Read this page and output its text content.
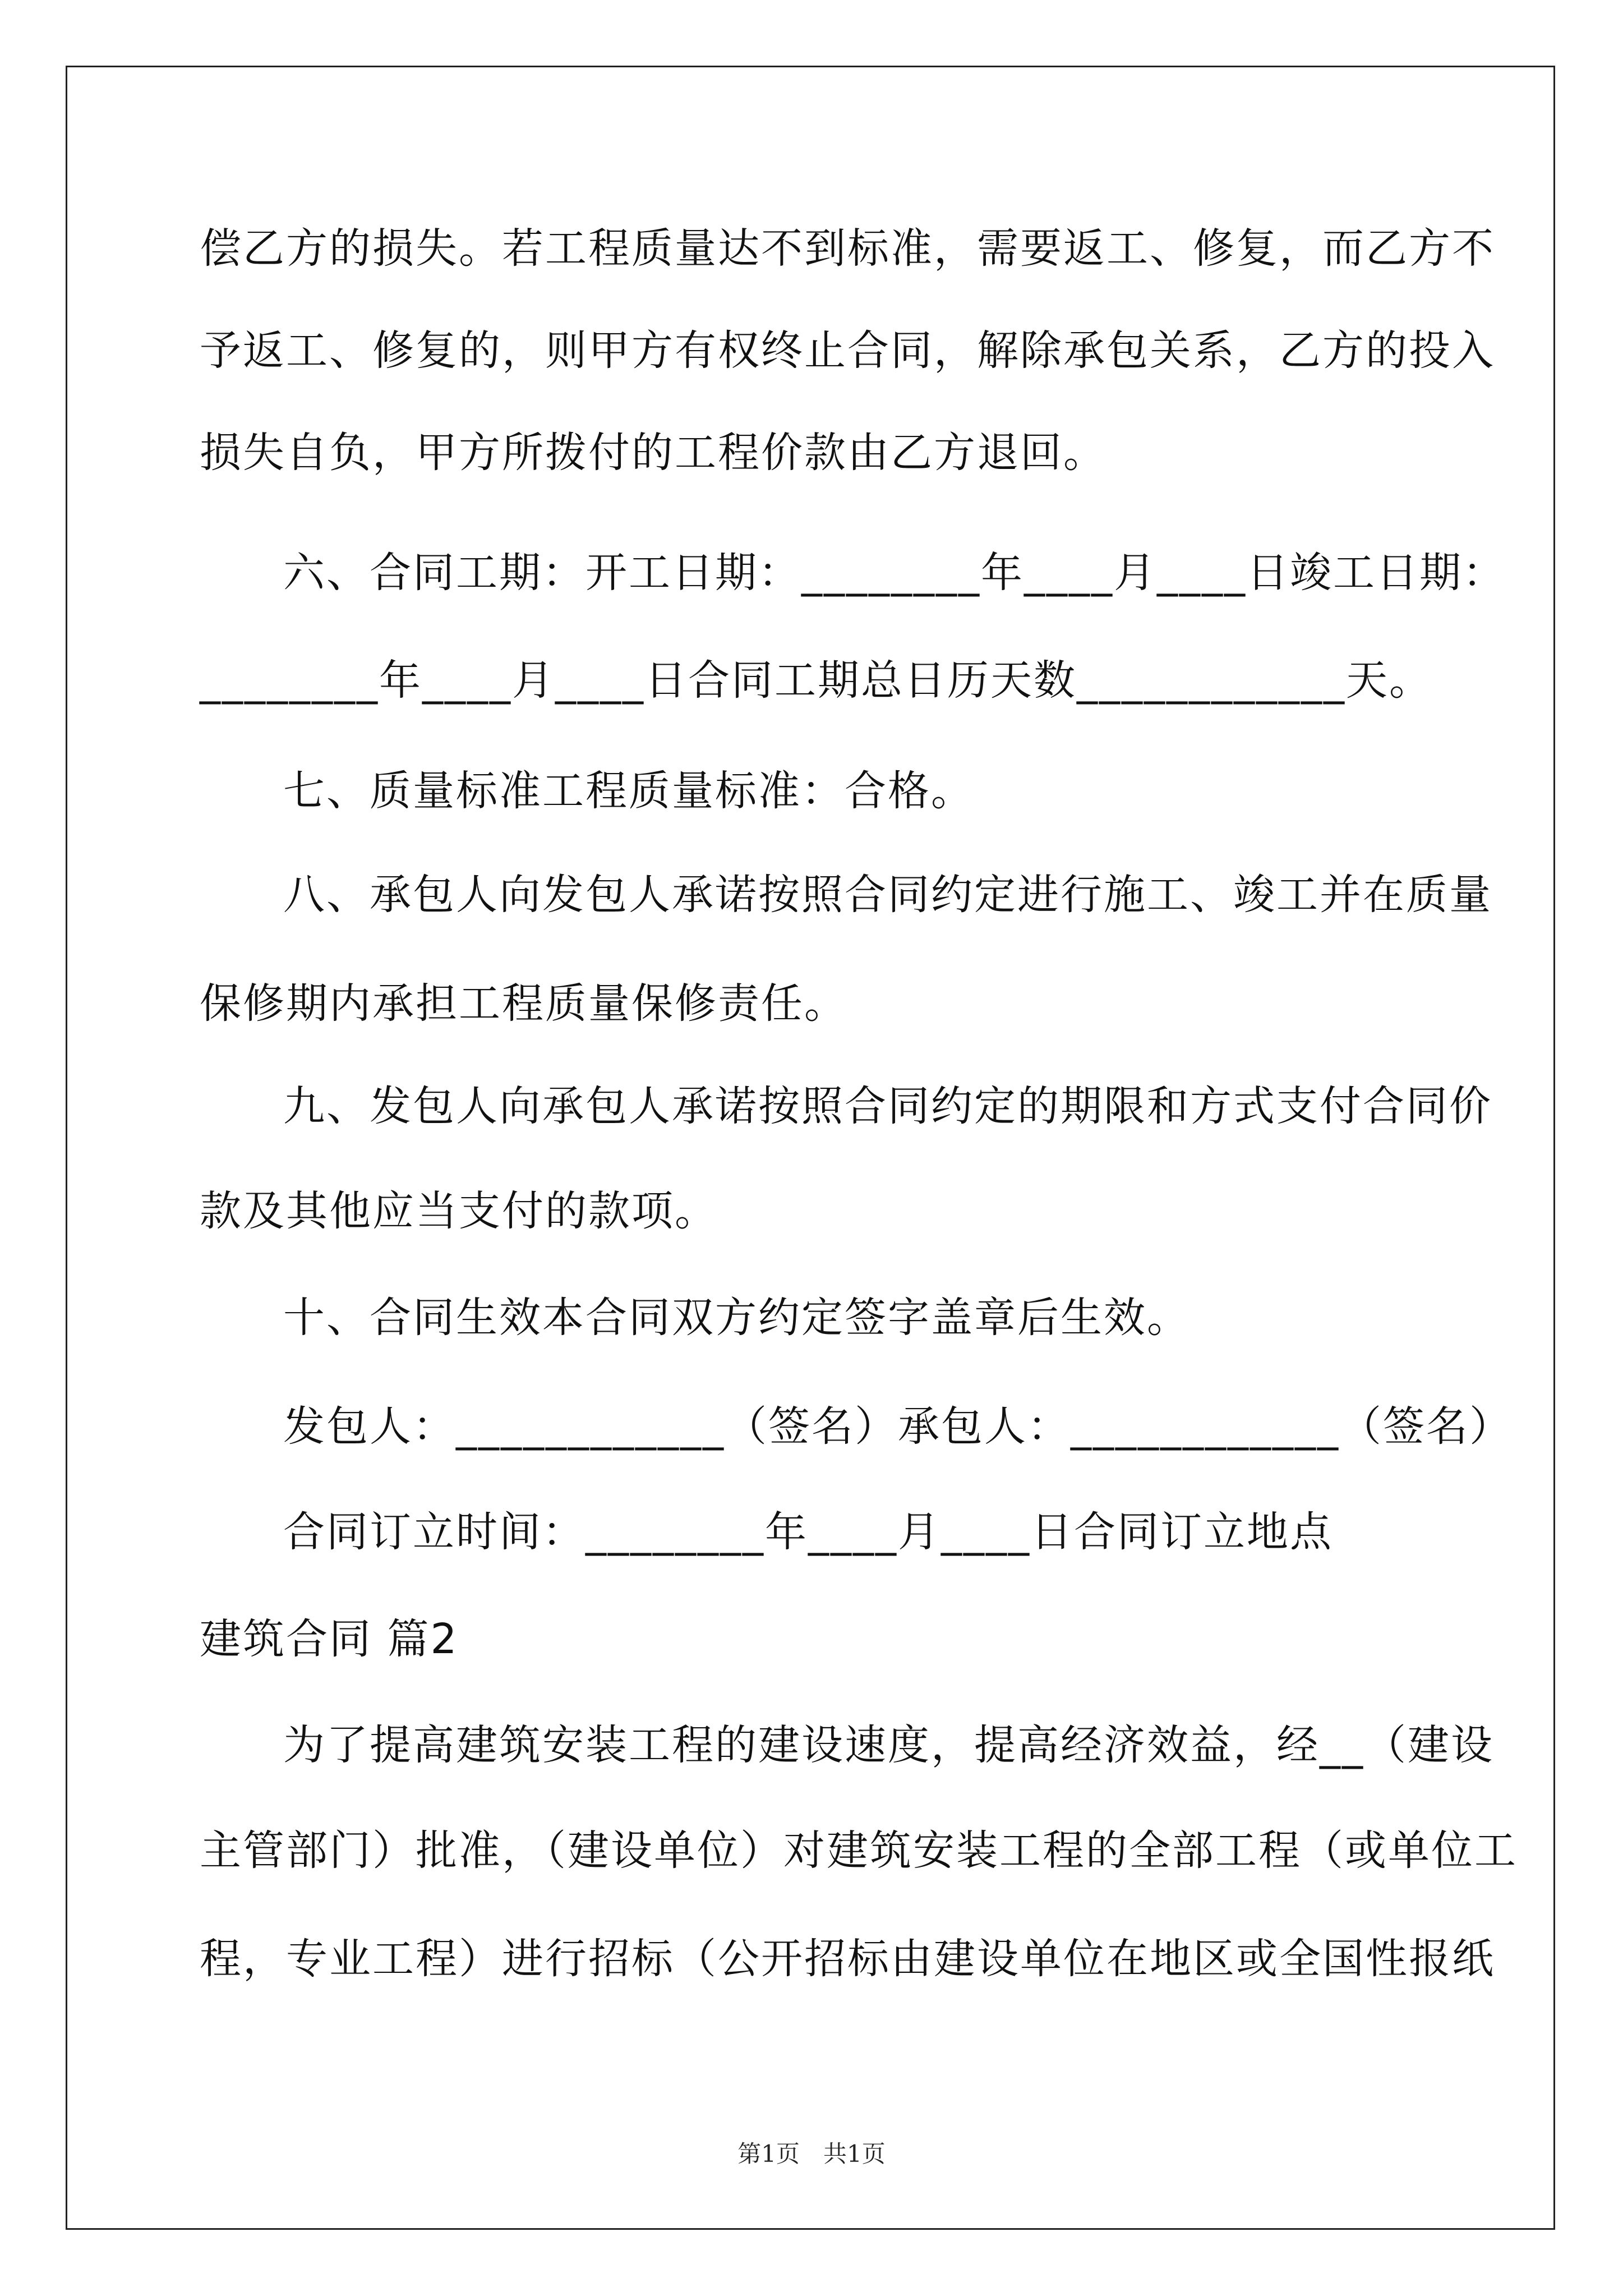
偿乙方的损失。若工程质量达不到标准，需要返工、修复，而乙方不
予返工、修复的，则甲方有权终止合同，解除承包关系，乙方的投入
损失自负，甲方所拨付的工程价款由乙方退回。
六、合同工期：开工日期：________年____月____日竣工日期：
________年____月____日合同工期总日历天数____________天。
七、质量标准工程质量标准：合格。
八、承包人向发包人承诺按照合同约定进行施工、竣工并在质量
保修期内承担工程质量保修责任。
九、发包人向承包人承诺按照合同约定的期限和方式支付合同价
款及其他应当支付的款项。
十、合同生效本合同双方约定签字盖章后生效。
发包人：____________（签名）承包人：____________（签名）
合同订立时间：________年____月____日合同订立地点
建筑合同 篇2
为了提高建筑安装工程的建设速度，提高经济效益，经__（建设
主管部门）批准，（建设单位）对建筑安装工程的全部工程（或单位工
程，专业工程）进行招标（公开招标由建设单位在地区或全国性报纸
第1页　共1页
